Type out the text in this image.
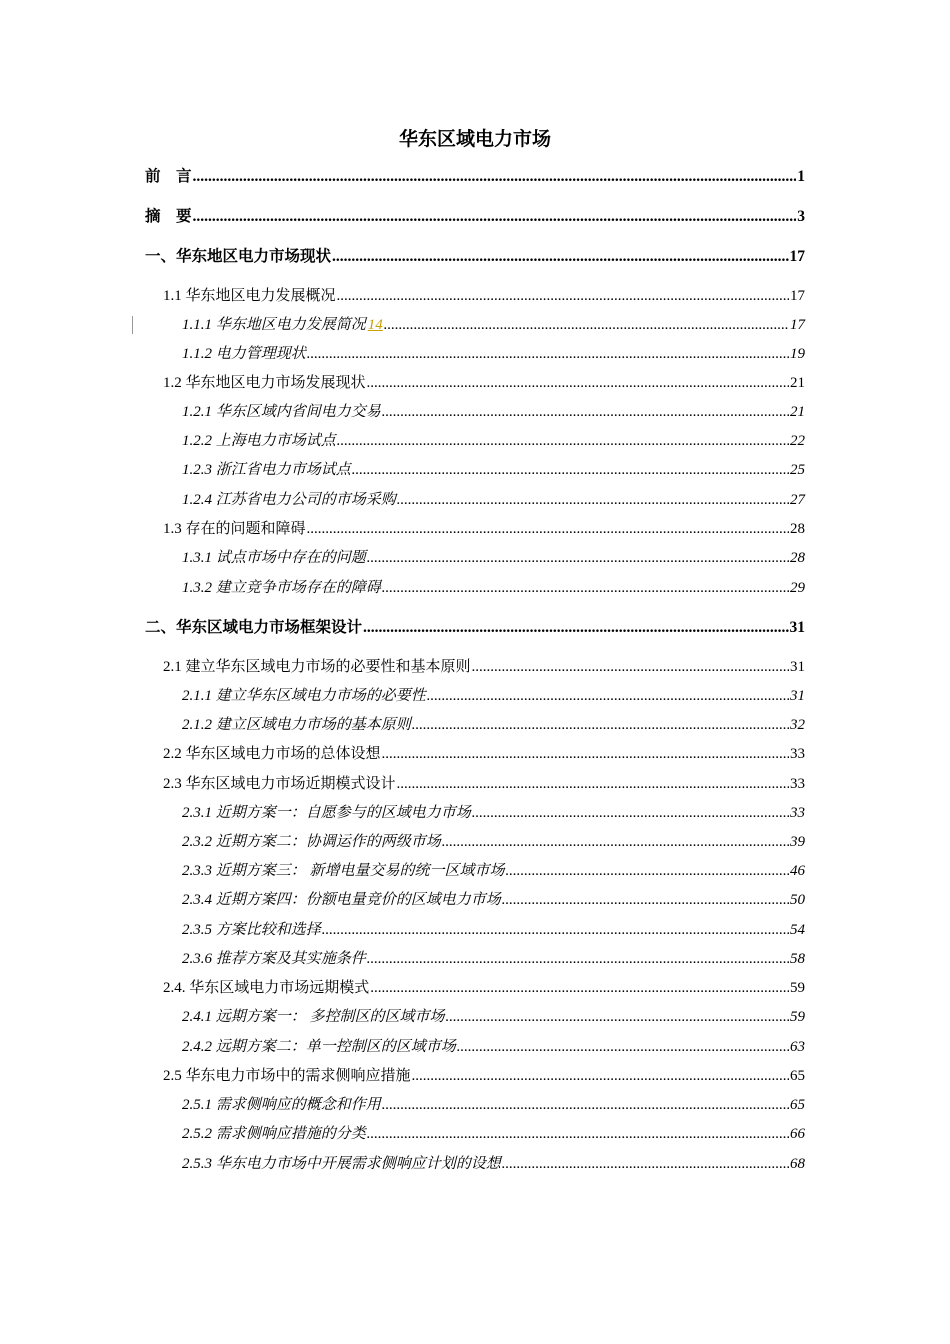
华东区域电力市场
前　言 .....	1
摘　要 .....	3
一、华东地区电力市场现状 .....	17
1.1 华东地区电力发展概况 .....	17
1.1.1 华东地区电力发展简况 14 .....	17
1.1.2 电力管理现状 .....	19
1.2 华东地区电力市场发展现状 .....	21
1.2.1 华东区域内省间电力交易 .....	21
1.2.2 上海电力市场试点 .....	22
1.2.3 浙江省电力市场试点 .....	25
1.2.4 江苏省电力公司的市场采购 .....	27
1.3 存在的问题和障碍 .....	28
1.3.1 试点市场中存在的问题 .....	28
1.3.2 建立竞争市场存在的障碍 .....	29
二、华东区域电力市场框架设计 .....	31
2.1 建立华东区域电力市场的必要性和基本原则 .....	31
2.1.1 建立华东区域电力市场的必要性 .....	31
2.1.2 建立区域电力市场的基本原则 .....	32
2.2 华东区域电力市场的总体设想 .....	33
2.3 华东区域电力市场近期模式设计 .....	33
2.3.1 近期方案一：自愿参与的区域电力市场 .....	33
2.3.2 近期方案二：协调运作的两级市场 .....	39
2.3.3 近期方案三： 新增电量交易的统一区域市场 .....	46
2.3.4 近期方案四：份额电量竞价的区域电力市场 .....	50
2.3.5 方案比较和选择 .....	54
2.3.6 推荐方案及其实施条件 .....	58
2.4. 华东区域电力市场远期模式 .....	59
2.4.1 远期方案一： 多控制区的区域市场 .....	59
2.4.2 远期方案二：单一控制区的区域市场 .....	63
2.5 华东电力市场中的需求侧响应措施 .....	65
2.5.1 需求侧响应的概念和作用 .....	65
2.5.2 需求侧响应措施的分类 .....	66
2.5.3 华东电力市场中开展需求侧响应计划的设想 .....	68
